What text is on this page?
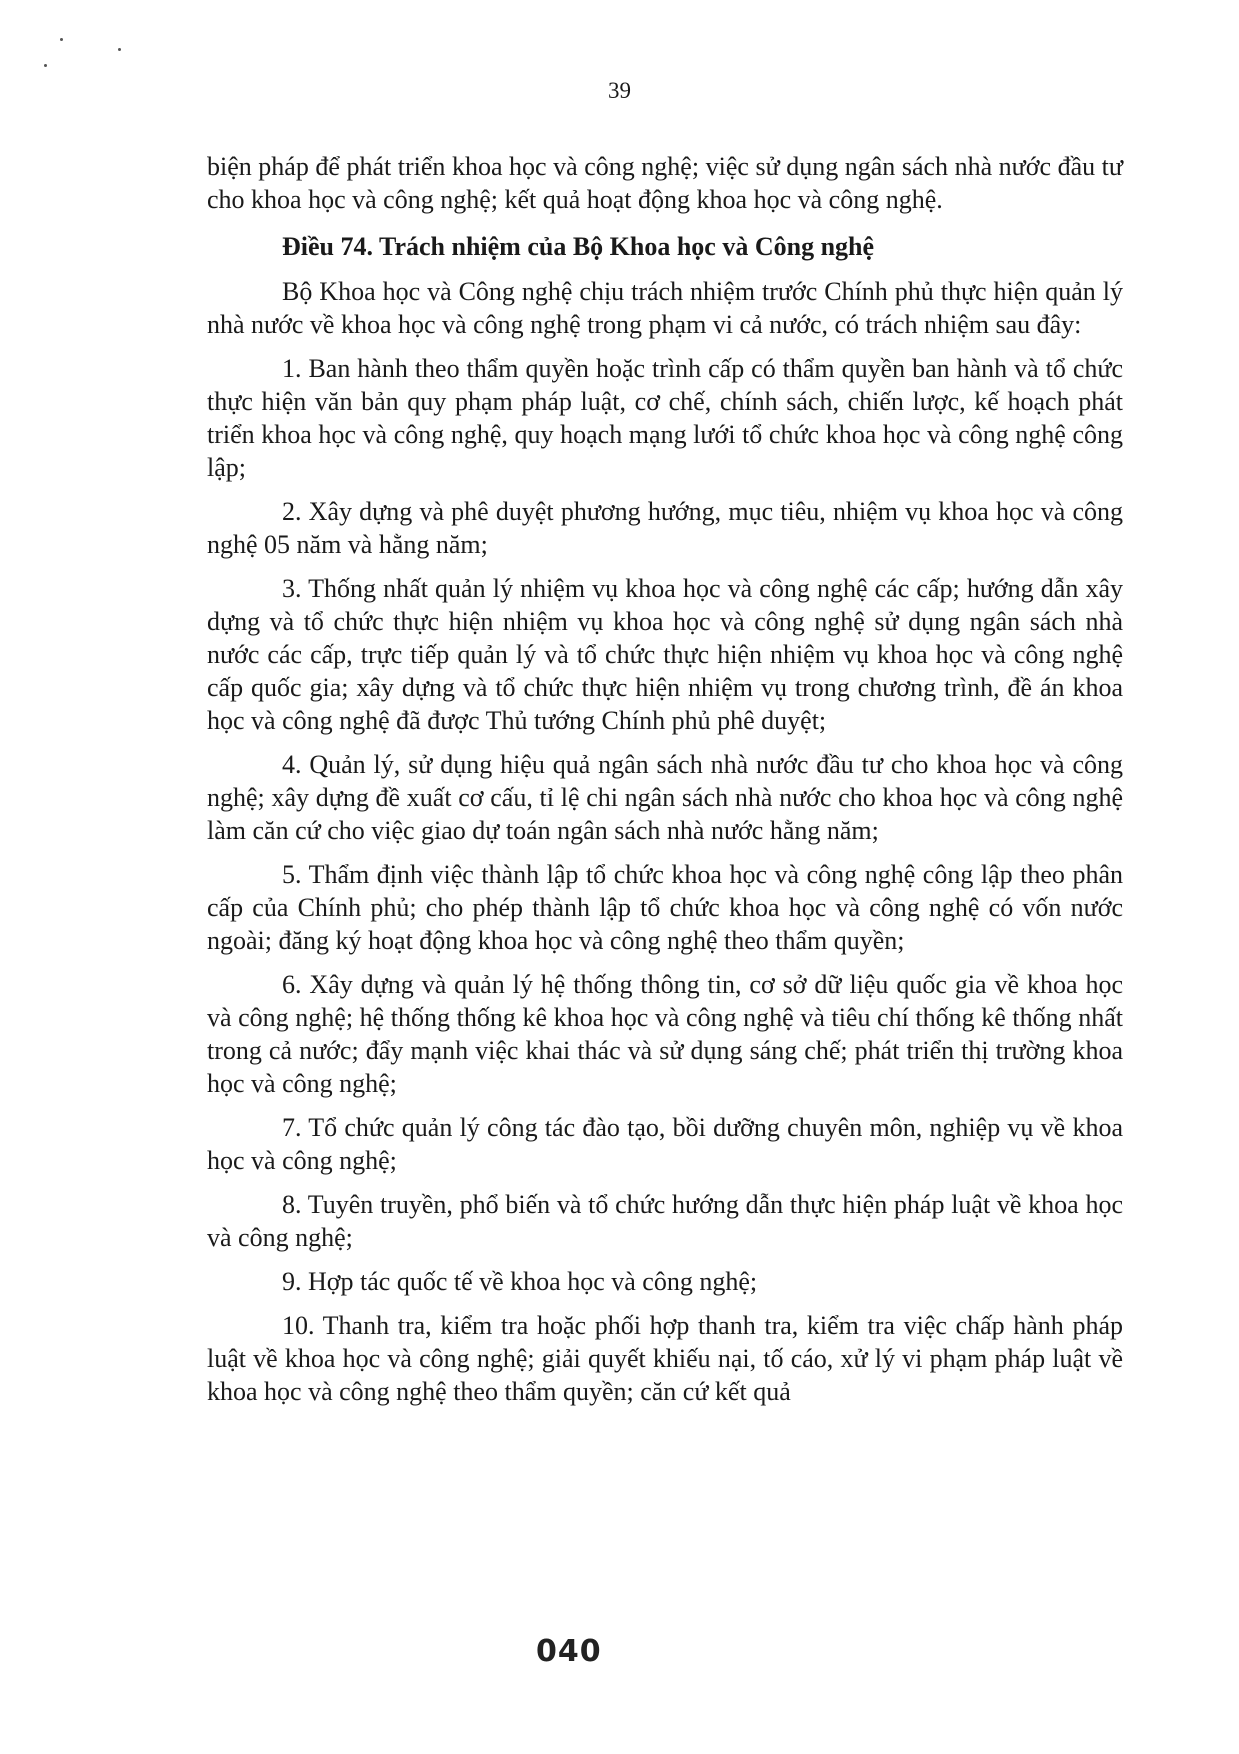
39

biện pháp để phát triển khoa học và công nghệ; việc sử dụng ngân sách nhà nước đầu tư cho khoa học và công nghệ; kết quả hoạt động khoa học và công nghệ.

Điều 74. Trách nhiệm của Bộ Khoa học và Công nghệ

Bộ Khoa học và Công nghệ chịu trách nhiệm trước Chính phủ thực hiện quản lý nhà nước về khoa học và công nghệ trong phạm vi cả nước, có trách nhiệm sau đây:

1. Ban hành theo thẩm quyền hoặc trình cấp có thẩm quyền ban hành và tổ chức thực hiện văn bản quy phạm pháp luật, cơ chế, chính sách, chiến lược, kế hoạch phát triển khoa học và công nghệ, quy hoạch mạng lưới tổ chức khoa học và công nghệ công lập;

2. Xây dựng và phê duyệt phương hướng, mục tiêu, nhiệm vụ khoa học và công nghệ 05 năm và hằng năm;

3. Thống nhất quản lý nhiệm vụ khoa học và công nghệ các cấp; hướng dẫn xây dựng và tổ chức thực hiện nhiệm vụ khoa học và công nghệ sử dụng ngân sách nhà nước các cấp, trực tiếp quản lý và tổ chức thực hiện nhiệm vụ khoa học và công nghệ cấp quốc gia; xây dựng và tổ chức thực hiện nhiệm vụ trong chương trình, đề án khoa học và công nghệ đã được Thủ tướng Chính phủ phê duyệt;

4. Quản lý, sử dụng hiệu quả ngân sách nhà nước đầu tư cho khoa học và công nghệ; xây dựng đề xuất cơ cấu, tỉ lệ chi ngân sách nhà nước cho khoa học và công nghệ làm căn cứ cho việc giao dự toán ngân sách nhà nước hằng năm;

5. Thẩm định việc thành lập tổ chức khoa học và công nghệ công lập theo phân cấp của Chính phủ; cho phép thành lập tổ chức khoa học và công nghệ có vốn nước ngoài; đăng ký hoạt động khoa học và công nghệ theo thẩm quyền;

6. Xây dựng và quản lý hệ thống thông tin, cơ sở dữ liệu quốc gia về khoa học và công nghệ; hệ thống thống kê khoa học và công nghệ và tiêu chí thống kê thống nhất trong cả nước; đẩy mạnh việc khai thác và sử dụng sáng chế; phát triển thị trường khoa học và công nghệ;

7. Tổ chức quản lý công tác đào tạo, bồi dưỡng chuyên môn, nghiệp vụ về khoa học và công nghệ;

8. Tuyên truyền, phổ biến và tổ chức hướng dẫn thực hiện pháp luật về khoa học và công nghệ;

9. Hợp tác quốc tế về khoa học và công nghệ;

10. Thanh tra, kiểm tra hoặc phối hợp thanh tra, kiểm tra việc chấp hành pháp luật về khoa học và công nghệ; giải quyết khiếu nại, tố cáo, xử lý vi phạm pháp luật về khoa học và công nghệ theo thẩm quyền; căn cứ kết quả

040
